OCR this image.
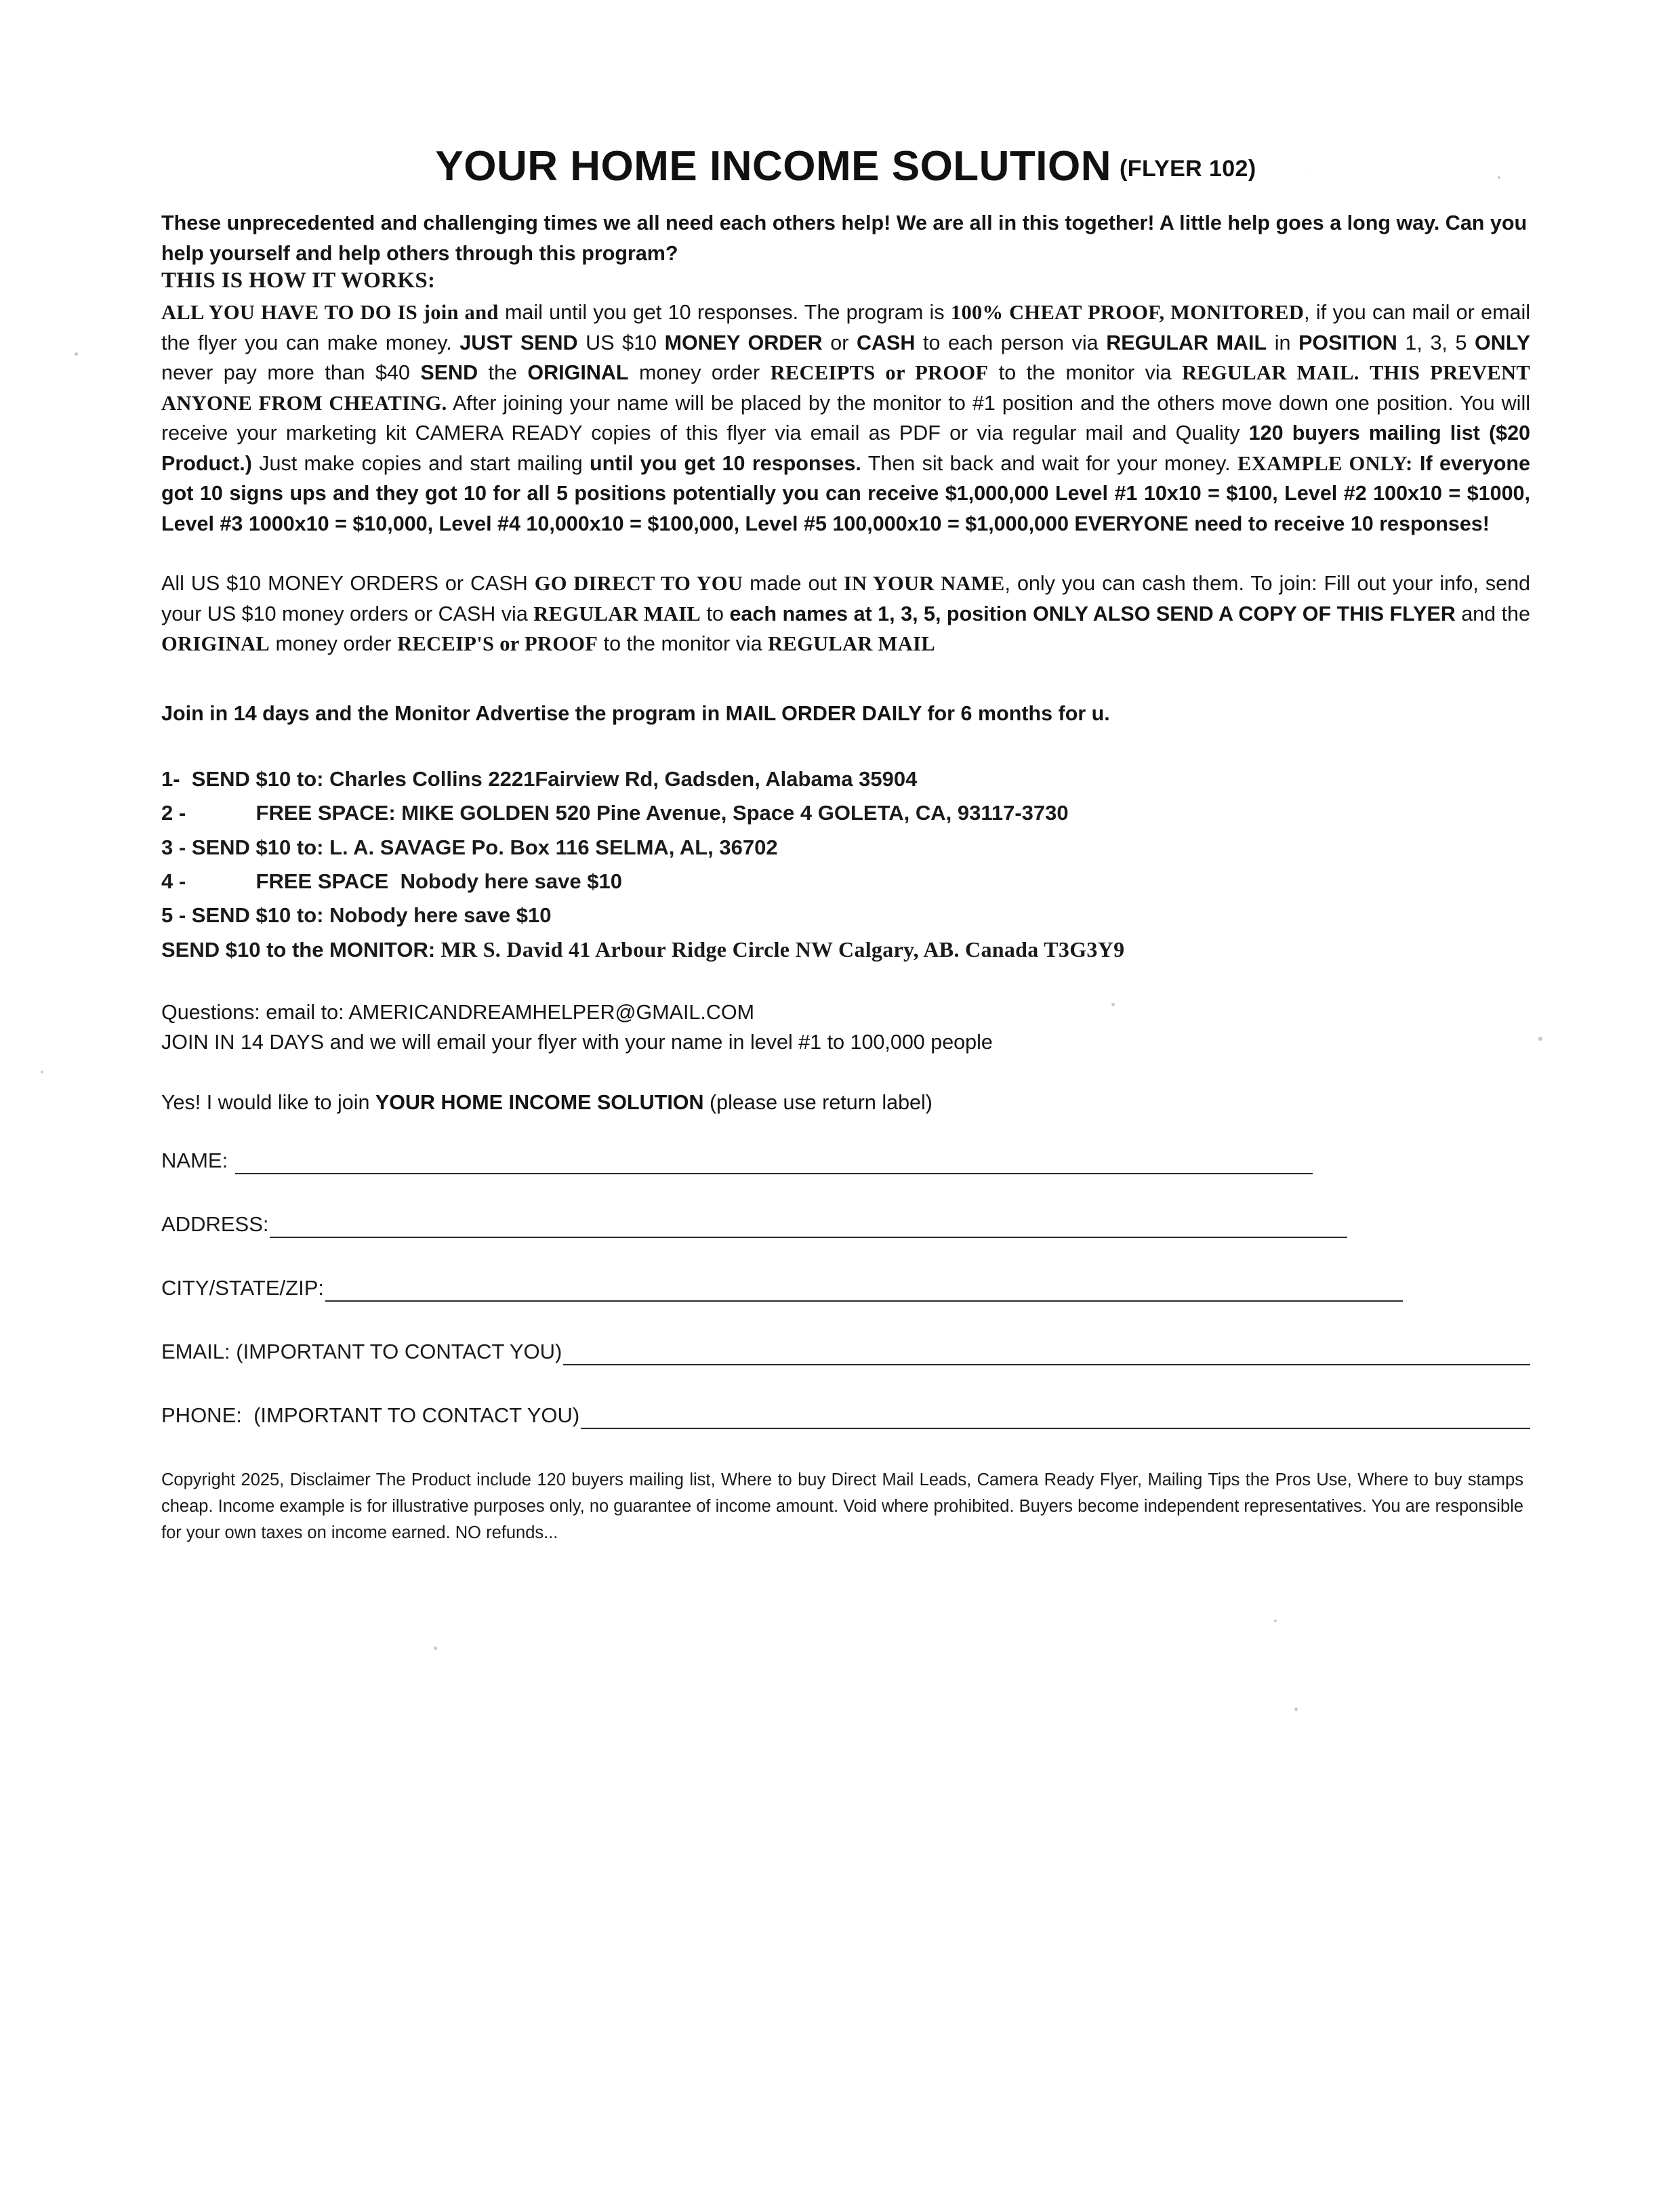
YOUR HOME INCOME SOLUTION (FLYER 102)

These unprecedented and challenging times we all need each others help! We are all in this together! A little help goes a long way. Can you help yourself and help others through this program?

THIS IS HOW IT WORKS:

ALL YOU HAVE TO DO IS join and mail until you get 10 responses. The program is 100% CHEAT PROOF, MONITORED, if you can mail or email the flyer you can make money. JUST SEND US $10 MONEY ORDER or CASH to each person via REGULAR MAIL in POSITION 1, 3, 5 ONLY never pay more than $40 SEND the ORIGINAL money order RECEIPTS or PROOF to the monitor via REGULAR MAIL. THIS PREVENT ANYONE FROM CHEATING. After joining your name will be placed by the monitor to #1 position and the others move down one position. You will receive your marketing kit CAMERA READY copies of this flyer via email as PDF or via regular mail and Quality 120 buyers mailing list ($20 Product.) Just make copies and start mailing until you get 10 responses. Then sit back and wait for your money. EXAMPLE ONLY: If everyone got 10 signs ups and they got 10 for all 5 positions potentially you can receive $1,000,000 Level #1 10x10 = $100, Level #2 100x10 = $1000, Level #3 1000x10 = $10,000, Level #4 10,000x10 = $100,000, Level #5 100,000x10 = $1,000,000 EVERYONE need to receive 10 responses!

All US $10 MONEY ORDERS or CASH GO DIRECT TO YOU made out IN YOUR NAME, only you can cash them. To join: Fill out your info, send your US $10 money orders or CASH via REGULAR MAIL to each names at 1, 3, 5, position ONLY ALSO SEND A COPY OF THIS FLYER and the ORIGINAL money order RECEIP'S or PROOF to the monitor via REGULAR MAIL

Join in 14 days and the Monitor Advertise the program in MAIL ORDER DAILY for 6 months for u.

1-  SEND $10 to: Charles Collins 2221Fairview Rd, Gadsden, Alabama 35904
2 -            FREE SPACE: MIKE GOLDEN 520 Pine Avenue, Space 4 GOLETA, CA, 93117-3730
3 - SEND $10 to: L. A. SAVAGE Po. Box 116 SELMA, AL, 36702
4 -            FREE SPACE  Nobody here save $10
5 - SEND $10 to: Nobody here save $10
SEND $10 to the MONITOR: MR S. David 41 Arbour Ridge Circle NW Calgary, AB. Canada T3G3Y9

Questions: email to: AMERICANDREAMHELPER@GMAIL.COM

JOIN IN 14 DAYS and we will email your flyer with your name in level #1 to 100,000 people

Yes! I would like to join YOUR HOME INCOME SOLUTION (please use return label)

NAME:
ADDRESS:
CITY/STATE/ZIP:
EMAIL: (IMPORTANT TO CONTACT YOU)
PHONE:  (IMPORTANT TO CONTACT YOU)

Copyright 2025, Disclaimer The Product include 120 buyers mailing list, Where to buy Direct Mail Leads, Camera Ready Flyer, Mailing Tips the Pros Use, Where to buy stamps cheap. Income example is for illustrative purposes only, no guarantee of income amount. Void where prohibited. Buyers become independent representatives. You are responsible for your own taxes on income earned. NO refunds...
